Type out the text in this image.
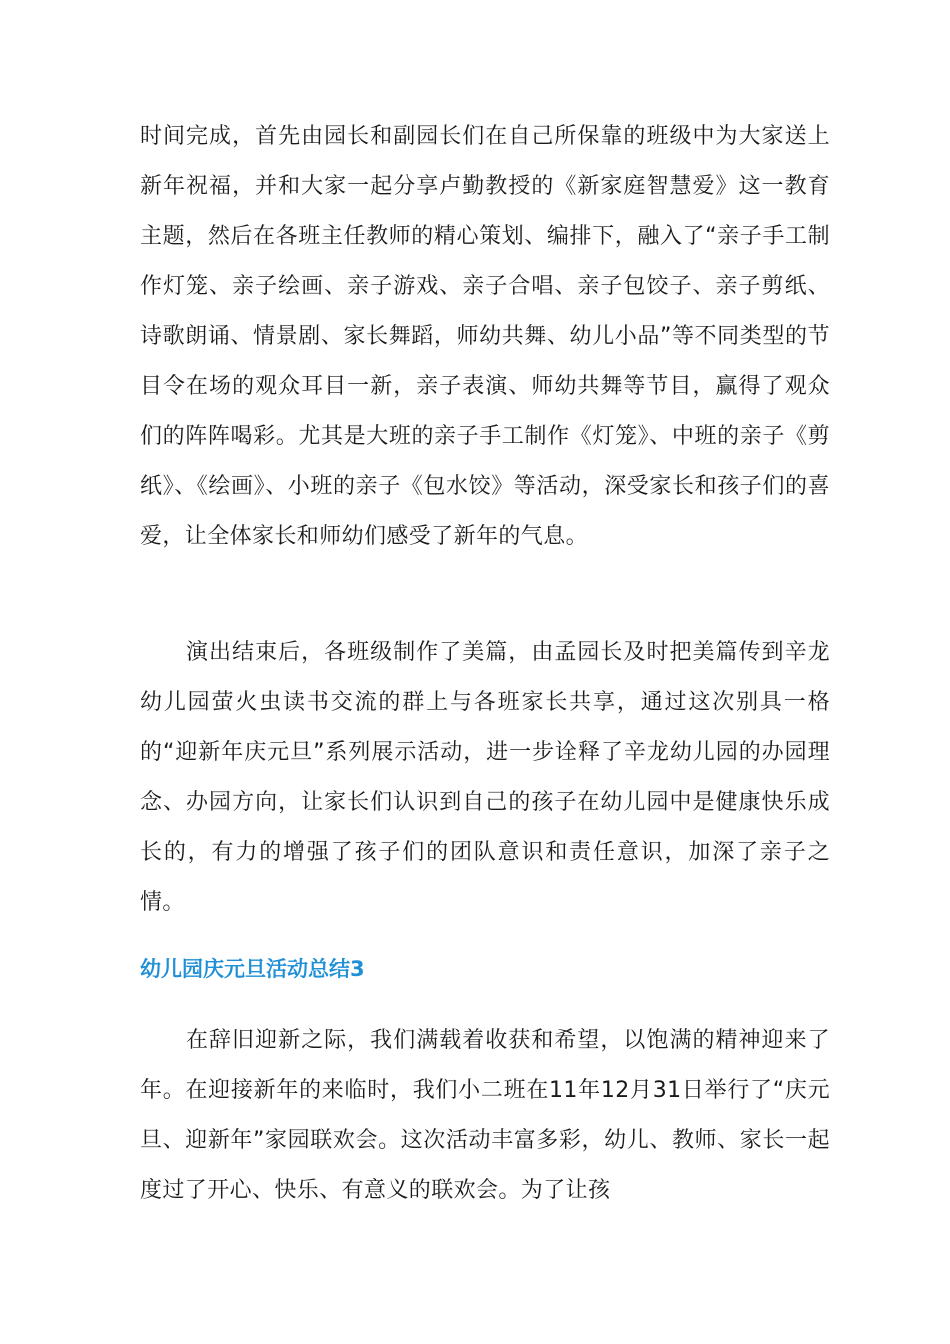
时间完成，首先由园长和副园长们在自己所保靠的班级中为大家送上新年祝福，并和大家一起分享卢勤教授的《新家庭智慧爱》这一教育主题，然后在各班主任教师的精心策划、编排下，融入了“亲子手工制作灯笼、亲子绘画、亲子游戏、亲子合唱、亲子包饺子、亲子剪纸、诗歌朗诵、情景剧、家长舞蹈，师幼共舞、幼儿小品”等不同类型的节目令在场的观众耳目一新，亲子表演、师幼共舞等节目，赢得了观众们的阵阵喝彩。尤其是大班的亲子手工制作《灯笼》、中班的亲子《剪纸》、《绘画》、小班的亲子《包水饺》等活动，深受家长和孩子们的喜爱，让全体家长和师幼们感受了新年的气息。

演出结束后，各班级制作了美篇，由孟园长及时把美篇传到辛龙幼儿园萤火虫读书交流的群上与各班家长共享，通过这次别具一格的“迎新年庆元旦”系列展示活动，进一步诠释了辛龙幼儿园的办园理念、办园方向，让家长们认识到自己的孩子在幼儿园中是健康快乐成长的，有力的增强了孩子们的团队意识和责任意识，加深了亲子之情。

幼儿园庆元旦活动总结3

在辞旧迎新之际，我们满载着收获和希望，以饱满的精神迎来了年。在迎接新年的来临时，我们小二班在11年12月31日举行了“庆元旦、迎新年”家园联欢会。这次活动丰富多彩，幼儿、教师、家长一起度过了开心、快乐、有意义的联欢会。为了让孩
